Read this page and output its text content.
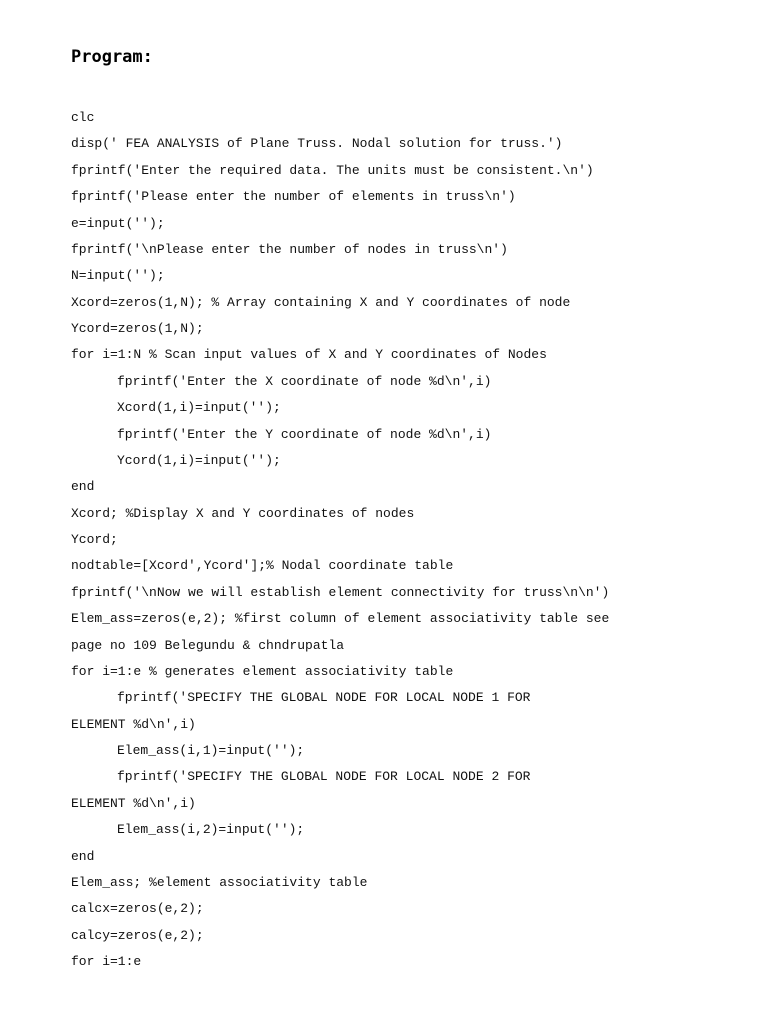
Program:
clc
disp(' FEA ANALYSIS of Plane Truss. Nodal solution for truss.')
fprintf('Enter the required data. The units must be consistent.\n')
fprintf('Please enter the number of elements in truss\n')
e=input('');
fprintf('\nPlease enter the number of nodes in truss\n')
N=input('');
Xcord=zeros(1,N); % Array containing X and Y coordinates of node
Ycord=zeros(1,N);
for i=1:N % Scan input values of X and Y coordinates of Nodes
fprintf('Enter the X coordinate of node %d\n',i)
Xcord(1,i)=input('');
fprintf('Enter the Y coordinate of node %d\n',i)
Ycord(1,i)=input('');
end
Xcord; %Display X and Y coordinates of nodes
Ycord;
nodtable=[Xcord',Ycord'];% Nodal coordinate table
fprintf('\nNow we will establish element connectivity for truss\n\n')
Elem_ass=zeros(e,2); %first column of element associativity table see
page no 109 Belegundu & chndrupatla
for i=1:e % generates element associativity table
fprintf('SPECIFY THE GLOBAL NODE FOR LOCAL NODE 1 FOR
ELEMENT %d\n',i)
Elem_ass(i,1)=input('');
fprintf('SPECIFY THE GLOBAL NODE FOR LOCAL NODE 2 FOR
ELEMENT %d\n',i)
Elem_ass(i,2)=input('');
end
Elem_ass; %element associativity table
calcx=zeros(e,2);
calcy=zeros(e,2);
for i=1:e
